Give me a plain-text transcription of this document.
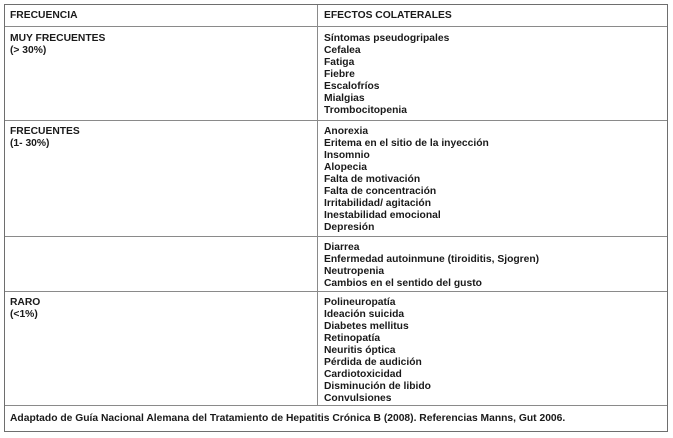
FRECUENCIA	EFECTOS COLATERALES
MUY FRECUENTES
(> 30%)
Síntomas pseudogripales
Cefalea
Fatiga
Fiebre
Escalofríos
Mialgias
Trombocitopenia
FRECUENTES
(1- 30%)
Anorexia
Eritema en el sitio de la inyección
Insomnio
Alopecia
Falta de motivación
Falta de concentración
Irritabilidad/ agitación
Inestabilidad emocional
Depresión
Diarrea
Enfermedad autoinmune (tiroiditis, Sjogren)
Neutropenia
Cambios en el sentido del gusto
RARO
(<1%)
Polineuropatía
Ideación suicida
Diabetes mellitus
Retinopatía
Neuritis óptica
Pérdida de audición
Cardiotoxicidad
Disminución de libido
Convulsiones
Adaptado de Guía Nacional Alemana del Tratamiento de Hepatitis Crónica B (2008). Referencias Manns, Gut 2006.
